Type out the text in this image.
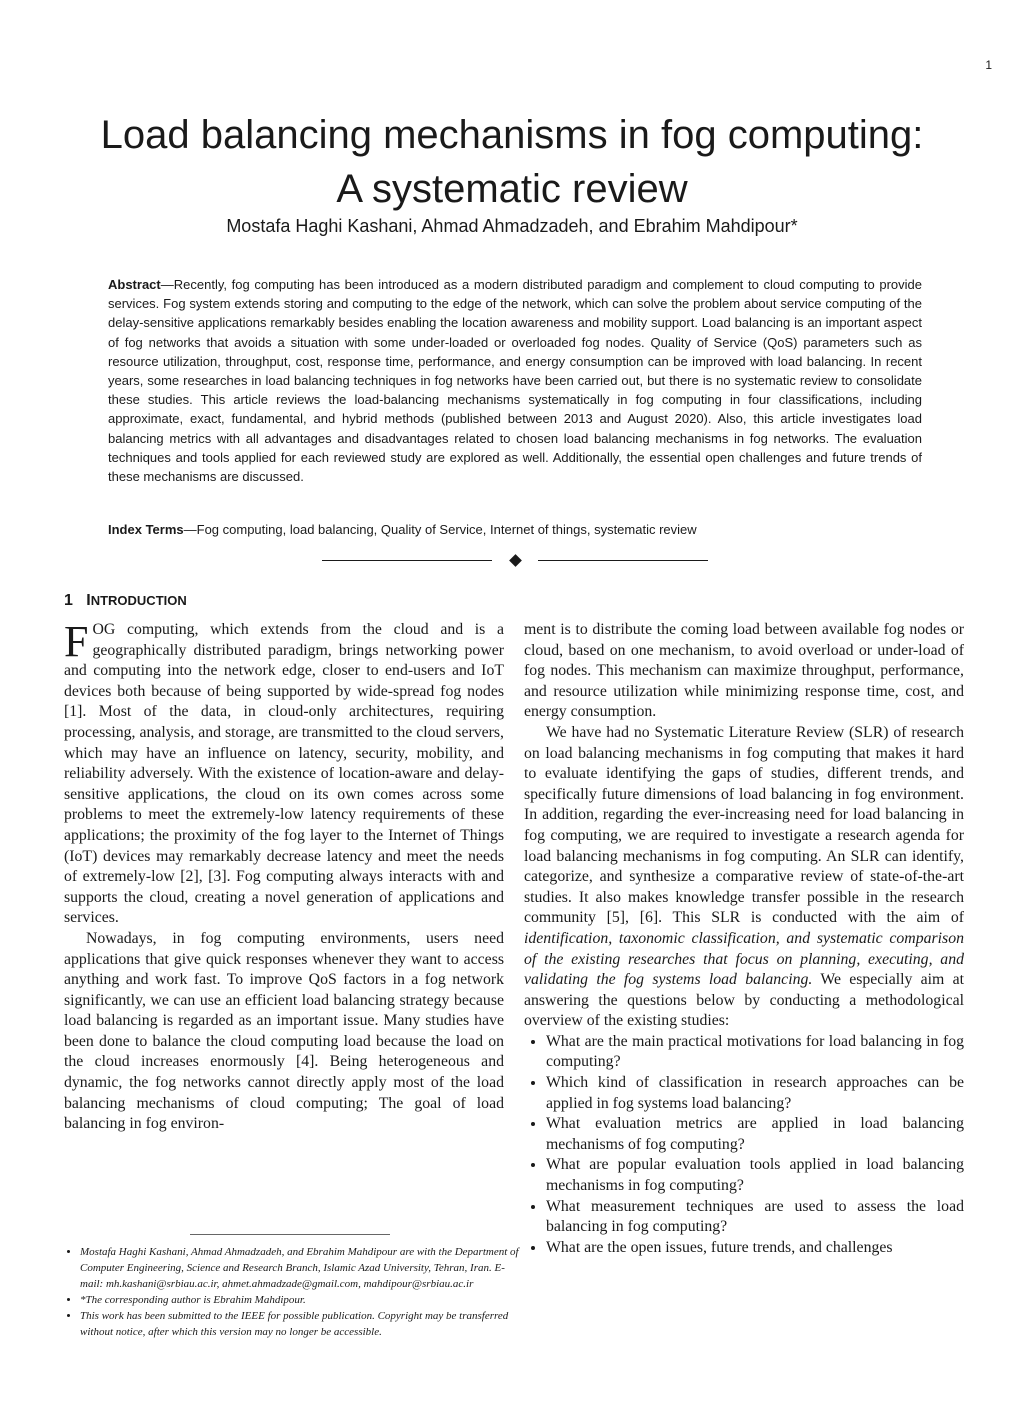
1
Load balancing mechanisms in fog computing:
A systematic review
Mostafa Haghi Kashani, Ahmad Ahmadzadeh, and Ebrahim Mahdipour*

Abstract—Recently, fog computing has been introduced as a modern distributed paradigm and complement to cloud computing to provide services. Fog system extends storing and computing to the edge of the network, which can solve the problem about service computing of the delay-sensitive applications remarkably besides enabling the location awareness and mobility support. Load balancing is an important aspect of fog networks that avoids a situation with some under-loaded or overloaded fog nodes. Quality of Service (QoS) parameters such as resource utilization, throughput, cost, response time, performance, and energy consumption can be improved with load balancing. In recent years, some researches in load balancing techniques in fog networks have been carried out, but there is no systematic review to consolidate these studies. This article reviews the load-balancing mechanisms systematically in fog computing in four classifications, including approximate, exact, fundamental, and hybrid methods (published between 2013 and August 2020). Also, this article investigates load balancing metrics with all advantages and disadvantages related to chosen load balancing mechanisms in fog networks. The evaluation techniques and tools applied for each reviewed study are explored as well. Additionally, the essential open challenges and future trends of these mechanisms are discussed.

Index Terms—Fog computing, load balancing, Quality of Service, Internet of things, systematic review

1 INTRODUCTION

FOG computing, which extends from the cloud and is a geographically distributed paradigm, brings networking power and computing into the network edge, closer to end-users and IoT devices both because of being supported by wide-spread fog nodes [1]. Most of the data, in cloud-only architectures, requiring processing, analysis, and storage, are transmitted to the cloud servers, which may have an influence on latency, security, mobility, and reliability adversely. With the existence of location-aware and delay-sensitive applications, the cloud on its own comes across some problems to meet the extremely-low latency requirements of these applications; the proximity of the fog layer to the Internet of Things (IoT) devices may remarkably decrease latency and meet the needs of extremely-low [2], [3]. Fog computing always interacts with and supports the cloud, creating a novel generation of applications and services.

Nowadays, in fog computing environments, users need applications that give quick responses whenever they want to access anything and work fast. To improve QoS factors in a fog network significantly, we can use an efficient load balancing strategy because load balancing is regarded as an important issue. Many studies have been done to balance the cloud computing load because the load on the cloud increases enormously [4]. Being heterogeneous and dynamic, the fog networks cannot directly apply most of the load balancing mechanisms of cloud computing; The goal of load balancing in fog environ-

ment is to distribute the coming load between available fog nodes or cloud, based on one mechanism, to avoid overload or under-load of fog nodes. This mechanism can maximize throughput, performance, and resource utilization while minimizing response time, cost, and energy consumption.

We have had no Systematic Literature Review (SLR) of research on load balancing mechanisms in fog computing that makes it hard to evaluate identifying the gaps of studies, different trends, and specifically future dimensions of load balancing in fog environment. In addition, regarding the ever-increasing need for load balancing in fog computing, we are required to investigate a research agenda for load balancing mechanisms in fog computing. An SLR can identify, categorize, and synthesize a comparative review of state-of-the-art studies. It also makes knowledge transfer possible in the research community [5], [6]. This SLR is conducted with the aim of identification, taxonomic classification, and systematic comparison of the existing researches that focus on planning, executing, and validating the fog systems load balancing. We especially aim at answering the questions below by conducting a methodological overview of the existing studies:

• What are the main practical motivations for load balancing in fog computing?
• Which kind of classification in research approaches can be applied in fog systems load balancing?
• What evaluation metrics are applied in load balancing mechanisms of fog computing?
• What are popular evaluation tools applied in load balancing mechanisms in fog computing?
• What measurement techniques are used to assess the load balancing in fog computing?
• What are the open issues, future trends, and challenges
• Mostafa Haghi Kashani, Ahmad Ahmadzadeh, and Ebrahim Mahdipour are with the Department of Computer Engineering, Science and Research Branch, Islamic Azad University, Tehran, Iran. E-mail: mh.kashani@srbiau.ac.ir, ahmet.ahmadzade@gmail.com, mahdipour@srbiau.ac.ir
• *The corresponding author is Ebrahim Mahdipour.
• This work has been submitted to the IEEE for possible publication. Copyright may be transferred without notice, after which this version may no longer be accessible.
